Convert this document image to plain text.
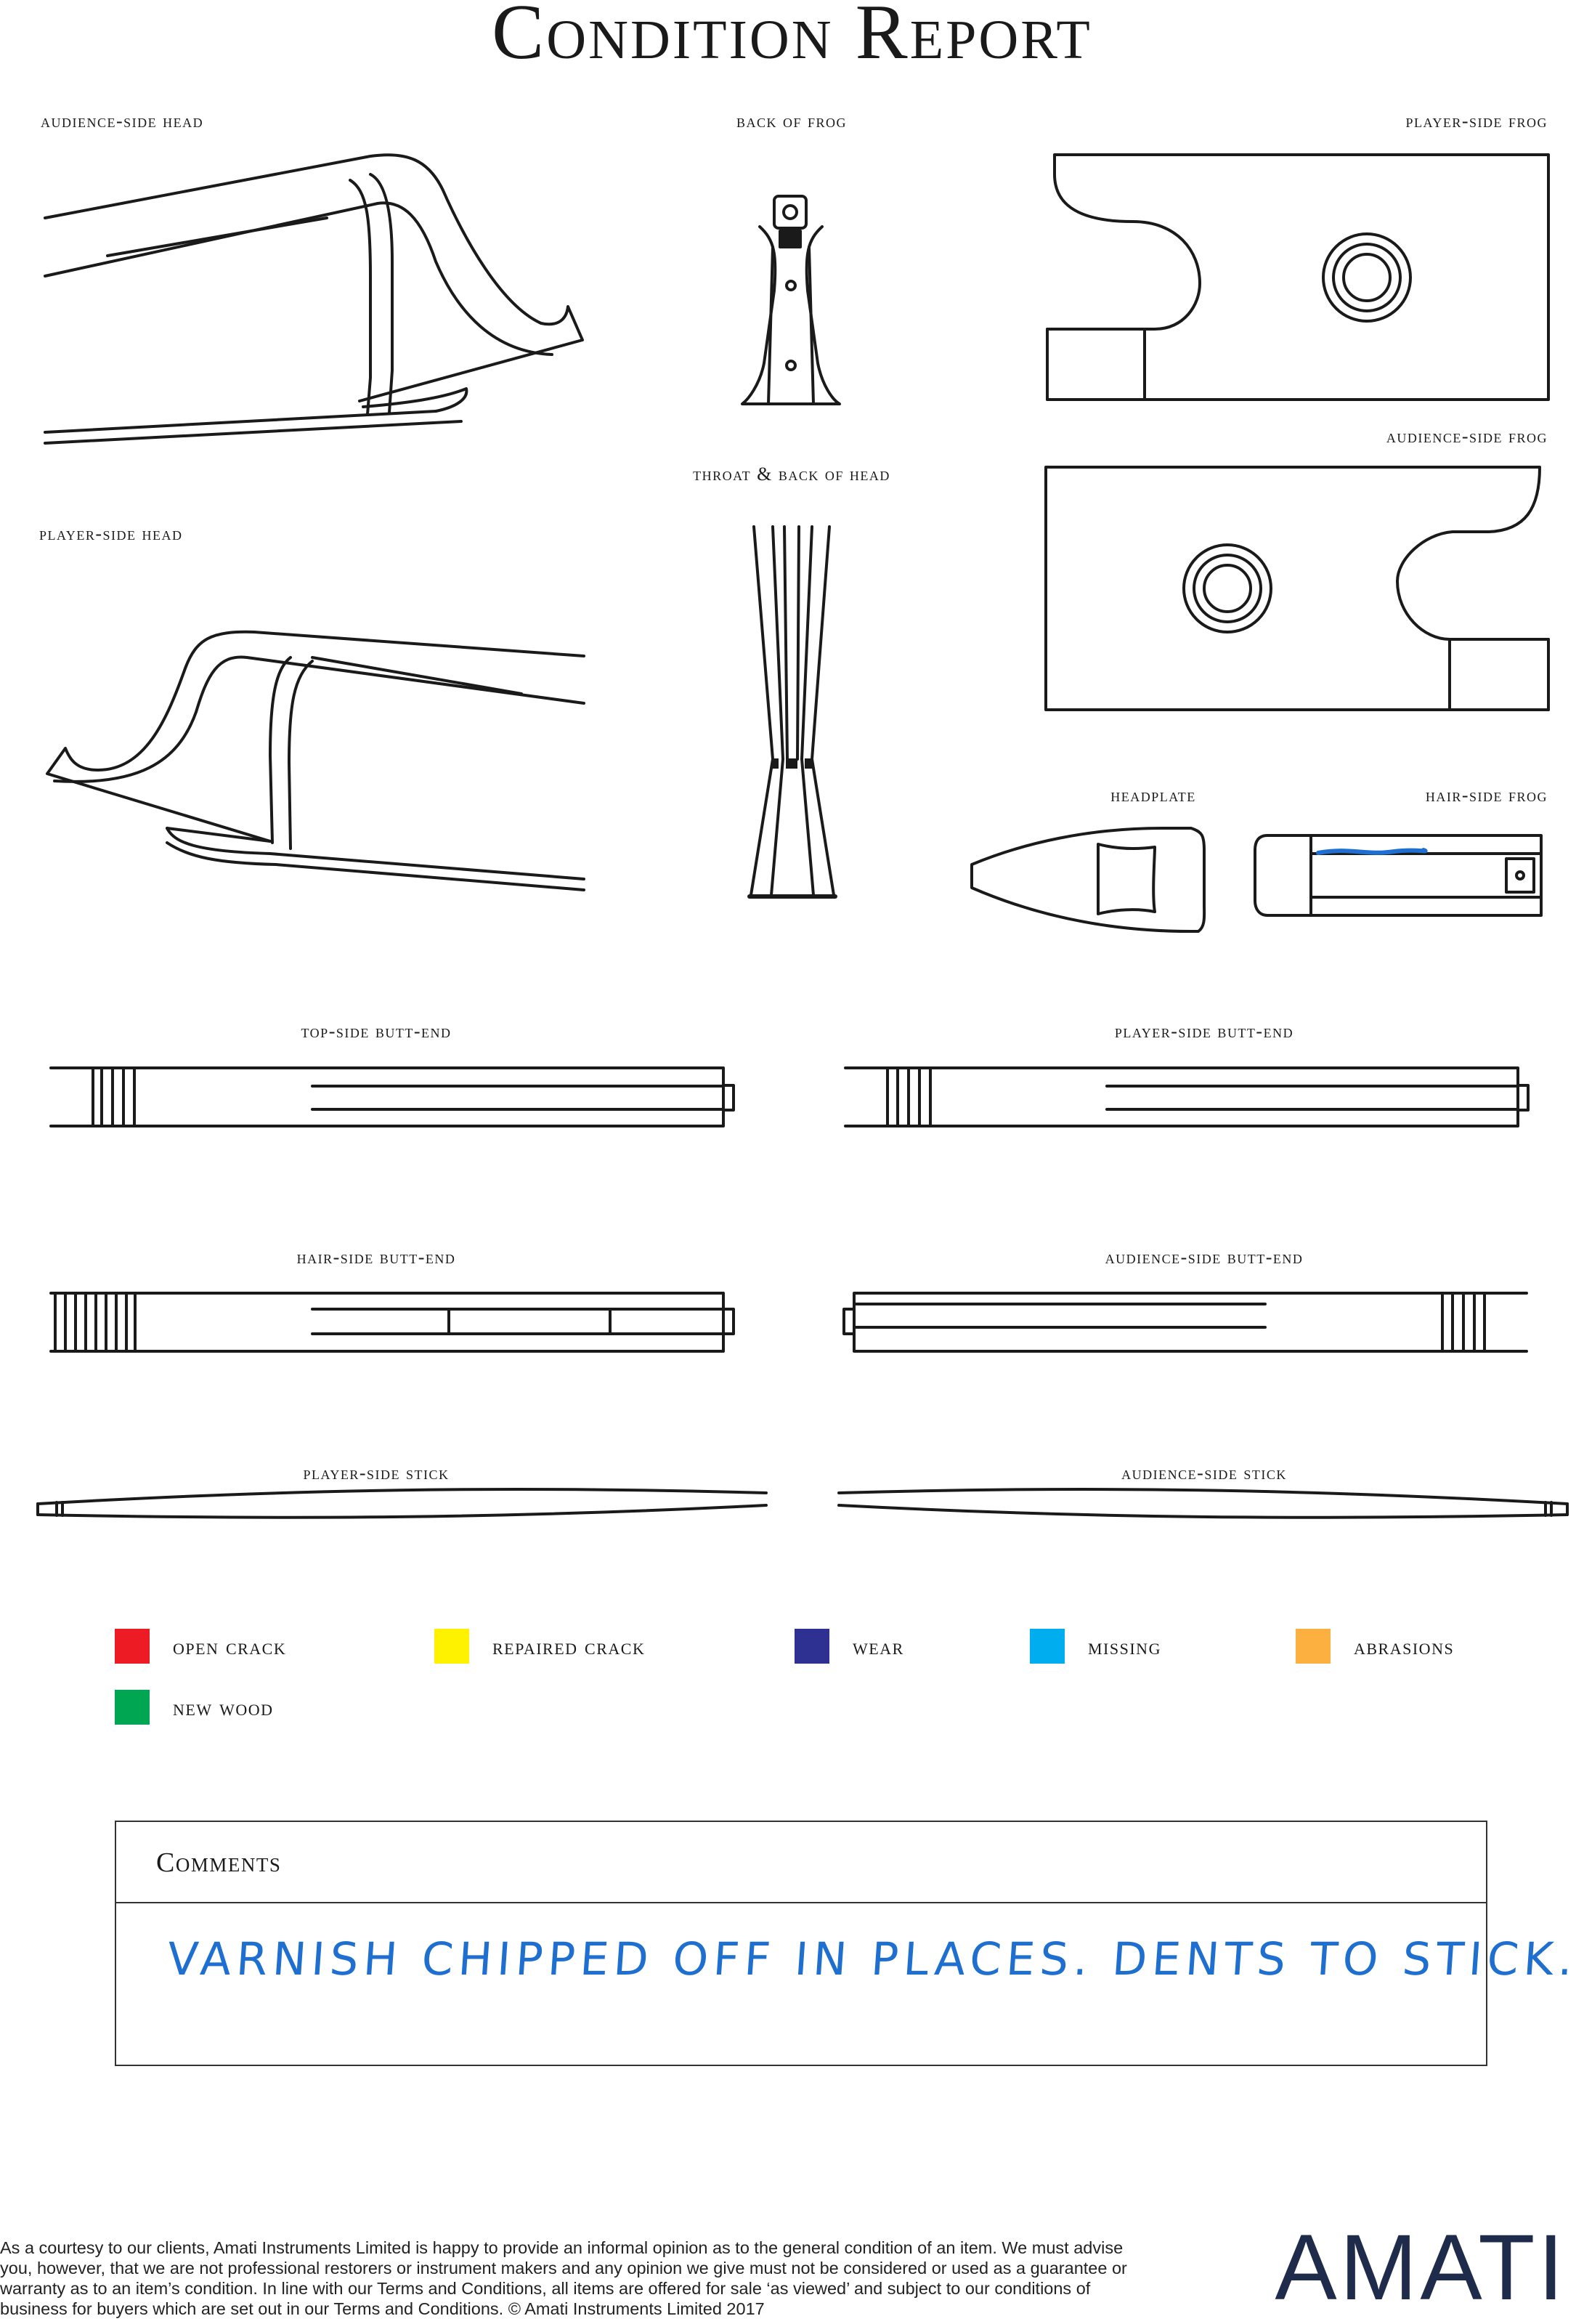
Condition Report
audience-side head	back of frog	player-side frog
audience-side frog
throat & back of head
player-side head
headplate	hair-side frog
top-side butt-end	player-side butt-end
hair-side butt-end	audience-side butt-end
player-side stick	audience-side stick
open crack	repaired crack	wear	missing	abrasions
new wood
Comments
VARNISH CHIPPED OFF IN PLACES. DENTS TO STICK.
As a courtesy to our clients, Amati Instruments Limited is happy to provide an informal opinion as to the general condition of an item. We must advise you, however, that we are not professional restorers or instrument makers and any opinion we give must not be considered or used as a guarantee or warranty as to an item’s condition. In line with our Terms and Conditions, all items are offered for sale ‘as viewed’ and subject to our conditions of business for buyers which are set out in our Terms and Conditions. © Amati Instruments Limited 2017	AMATI
